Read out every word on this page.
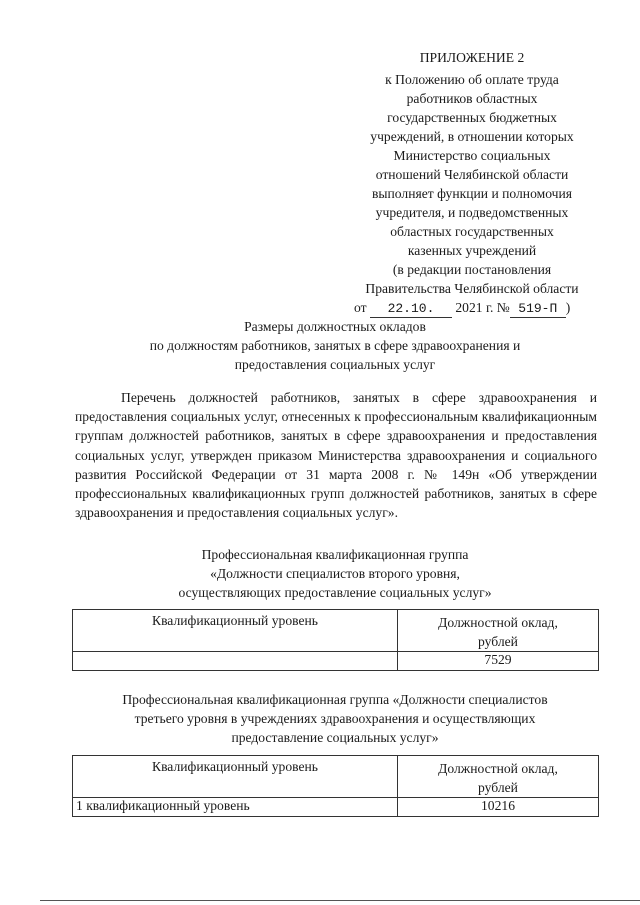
ПРИЛОЖЕНИЕ 2
к Положению об оплате труда
работников областных
государственных бюджетных
учреждений, в отношении которых
Министерство социальных
отношений Челябинской области
выполняет функции и полномочия
учредителя, и подведомственных
областных государственных
казенных учреждений
(в редакции постановления
Правительства Челябинской области
от 22.10. 2021 г. № 519-П )
Размеры должностных окладов
по должностям работников, занятых в сфере здравоохранения и
предоставления социальных услуг
Перечень должностей работников, занятых в сфере здравоохранения и предоставления социальных услуг, отнесенных к профессиональным квалификационным группам должностей работников, занятых в сфере здравоохранения и предоставления социальных услуг, утвержден приказом Министерства здравоохранения и социального развития Российской Федерации от 31 марта 2008 г. № 149н «Об утверждении профессиональных квалификационных групп должностей работников, занятых в сфере здравоохранения и предоставления социальных услуг».
Профессиональная квалификационная группа
«Должности специалистов второго уровня,
осуществляющих предоставление социальных услуг»
Квалификационный уровень	Должностной оклад,
рублей

	7529
Профессиональная квалификационная группа «Должности специалистов
третьего уровня в учреждениях здравоохранения и осуществляющих
предоставление социальных услуг»
Квалификационный уровень	Должностной оклад,
рублей

1 квалификационный уровень	10216
